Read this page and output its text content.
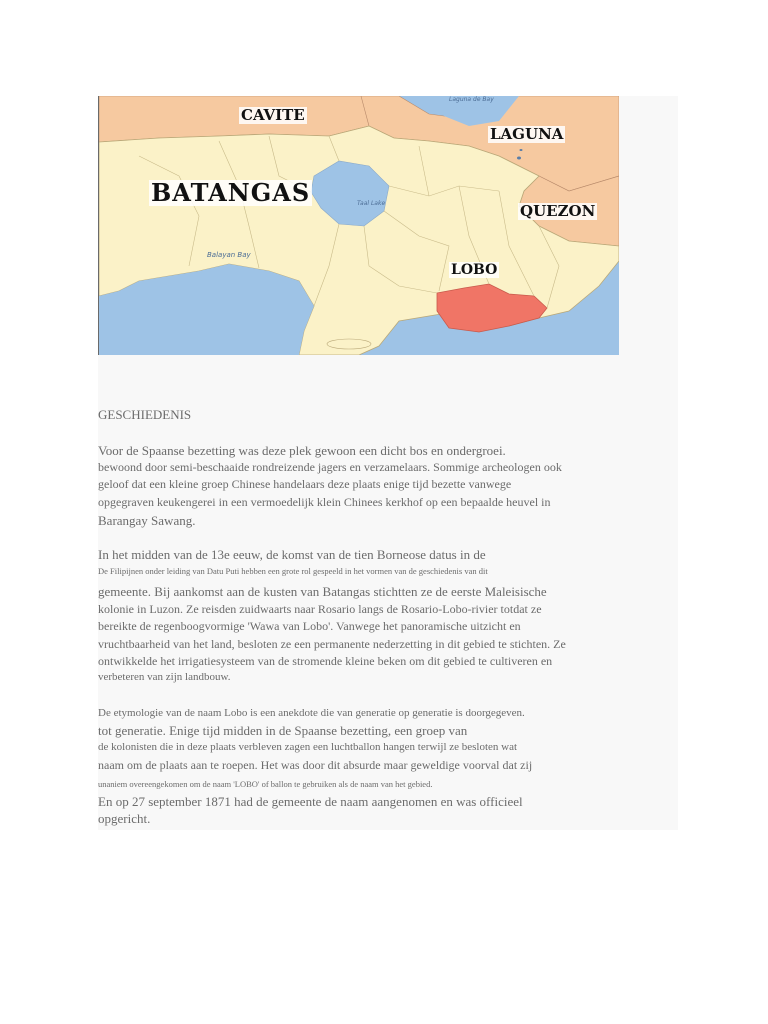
Laguna de Bay
Taal Lake
Balayan Bay
CAVITE
LAGUNA
BATANGAS
QUEZON
LOBO

GESCHIEDENIS

Voor de Spaanse bezetting was deze plek gewoon een dicht bos en ondergroei.

bewoond door semi-beschaaide rondreizende jagers en verzamelaars. Sommige archeologen ook

geloof dat een kleine groep Chinese handelaars deze plaats enige tijd bezette vanwege

opgegraven keukengerei in een vermoedelijk klein Chinees kerkhof op een bepaalde heuvel in

Barangay Sawang.

In het midden van de 13e eeuw, de komst van de tien Borneose datus in de

De Filipijnen onder leiding van Datu Puti hebben een grote rol gespeeld in het vormen van de geschiedenis van dit

gemeente. Bij aankomst aan de kusten van Batangas stichtten ze de eerste Maleisische

kolonie in Luzon. Ze reisden zuidwaarts naar Rosario langs de Rosario-Lobo-rivier totdat ze

bereikte de regenboogvormige 'Wawa van Lobo'. Vanwege het panoramische uitzicht en

vruchtbaarheid van het land, besloten ze een permanente nederzetting in dit gebied te stichten. Ze

ontwikkelde het irrigatiesysteem van de stromende kleine beken om dit gebied te cultiveren en

verbeteren van zijn landbouw.

De etymologie van de naam Lobo is een anekdote die van generatie op generatie is doorgegeven.

tot generatie. Enige tijd midden in de Spaanse bezetting, een groep van

de kolonisten die in deze plaats verbleven zagen een luchtballon hangen terwijl ze besloten wat

naam om de plaats aan te roepen. Het was door dit absurde maar geweldige voorval dat zij

unaniem overeengekomen om de naam 'LOBO' of ballon te gebruiken als de naam van het gebied.

En op 27 september 1871 had de gemeente de naam aangenomen en was officieel

opgericht.
